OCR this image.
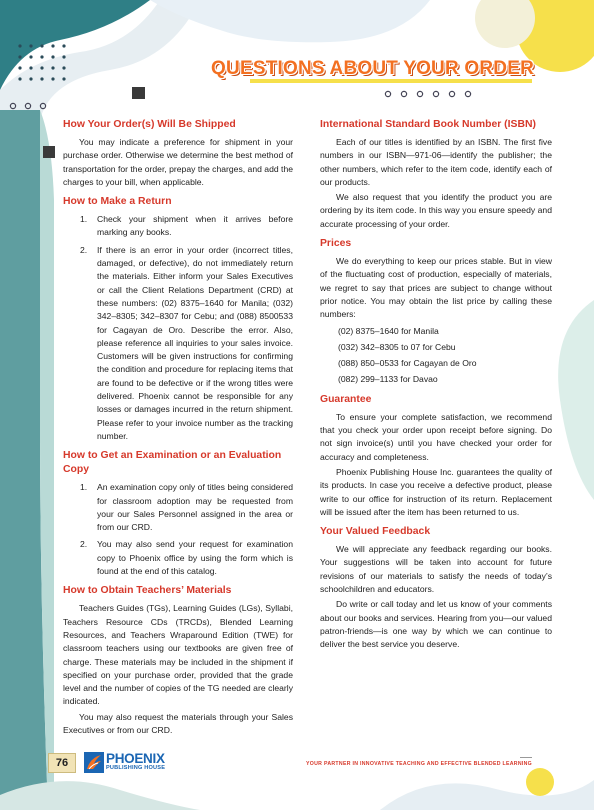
QUESTIONS ABOUT YOUR ORDER
How Your Order(s) Will Be Shipped

You may indicate a preference for shipment in your purchase order. Otherwise we determine the best method of transportation for the order, prepay the charges, and add the charges to your bill, when applicable.

How to Make a Return
1. Check your shipment when it arrives before marking any books.
2. If there is an error in your order (incorrect titles, damaged, or defective), do not immediately return the materials. Either inform your Sales Executives or call the Client Relations Department (CRD) at these numbers: (02) 8375–1640 for Manila; (032) 342–8305; 342–8307 for Cebu; and (088) 8500533 for Cagayan de Oro. Describe the error. Also, please reference all inquiries to your sales invoice. Customers will be given instructions for confirming the condition and procedure for replacing items that are found to be defective or if the wrong titles were delivered. Phoenix cannot be responsible for any losses or damages incurred in the return shipment. Please refer to your invoice number as the tracking number.
How to Get an Examination or an Evaluation Copy
1. An examination copy only of titles being considered for classroom adoption may be requested from your our Sales Personnel assigned in the area or from our CRD.
2. You may also send your request for examination copy to Phoenix office by using the form which is found at the end of this catalog.
How to Obtain Teachers’ Materials

Teachers Guides (TGs), Learning Guides (LGs), Syllabi, Teachers Resource CDs (TRCDs), Blended Learning Resources, and Teachers Wraparound Edition (TWE) for classroom teachers using our textbooks are given free of charge. These materials may be included in the shipment if specified on your purchase order, provided that the grade level and the number of copies of the TG needed are clearly indicated.

You may also request the materials through your Sales Executives or from our CRD.

International Standard Book Number (ISBN)

Each of our titles is identified by an ISBN. The first five numbers in our ISBN—971-06—identify the publisher; the other numbers, which refer to the item code, identify each of our products.

We also request that you identify the product you are ordering by its item code. In this way you ensure speedy and accurate processing of your order.

Prices

We do everything to keep our prices stable. But in view of the fluctuating cost of production, especially of materials, we regret to say that prices are subject to change without prior notice. You may obtain the list price by calling these numbers:

(02) 8375–1640 for Manila
(032) 342–8305 to 07 for Cebu
(088) 850–0533 for Cagayan de Oro
(082) 299–1133 for Davao
Guarantee

To ensure your complete satisfaction, we recommend that you check your order upon receipt before signing. Do not sign invoice(s) until you have checked your order for accuracy and completeness.

Phoenix Publishing House Inc. guarantees the quality of its products. In case you receive a defective product, please write to our office for instruction of its return. Replacement will be issued after the item has been returned to us.

Your Valued Feedback

We will appreciate any feedback regarding our books. Your suggestions will be taken into account for future revisions of our materials to satisfy the needs of today’s schoolchildren and educators.

Do write or call today and let us know of your comments about our books and services. Hearing from you—our valued patron-friends—is one way by which we can continue to deliver the best service you deserve.

76	PHOENIX
PUBLISHING HOUSE
YOUR PARTNER IN INNOVATIVE TEACHING AND EFFECTIVE BLENDED LEARNING
